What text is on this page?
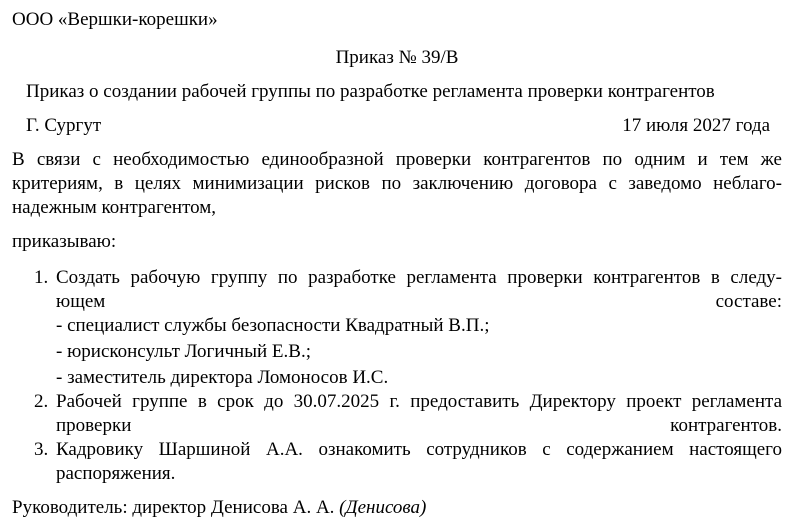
ООО «Вершки-корешки»
Приказ № 39/В
Приказ о создании рабочей группы по разработке регламента проверки контрагентов
Г. Сургут	17 июля 2027 года
В связи с необходимостью единообразной проверки контрагентов по одним и тем же
критериям, в целях минимизации рисков по заключению договора с заведомо неблаго-
надежным контрагентом,
приказываю:
1. Создать рабочую группу по разработке регламента проверки контрагентов в следу-
ющем составе:
- специалист службы безопасности Квадратный В.П.;
- юрисконсульт Логичный Е.В.;
- заместитель директора Ломоносов И.С.
2. Рабочей группе в срок до 30.07.2025 г. предоставить Директору проект регламента
проверки контрагентов.
3. Кадровику Шаршиной А.А. ознакомить сотрудников с содержанием настоящего
распоряжения.
Руководитель: директор Денисова А. А. (Денисова)
